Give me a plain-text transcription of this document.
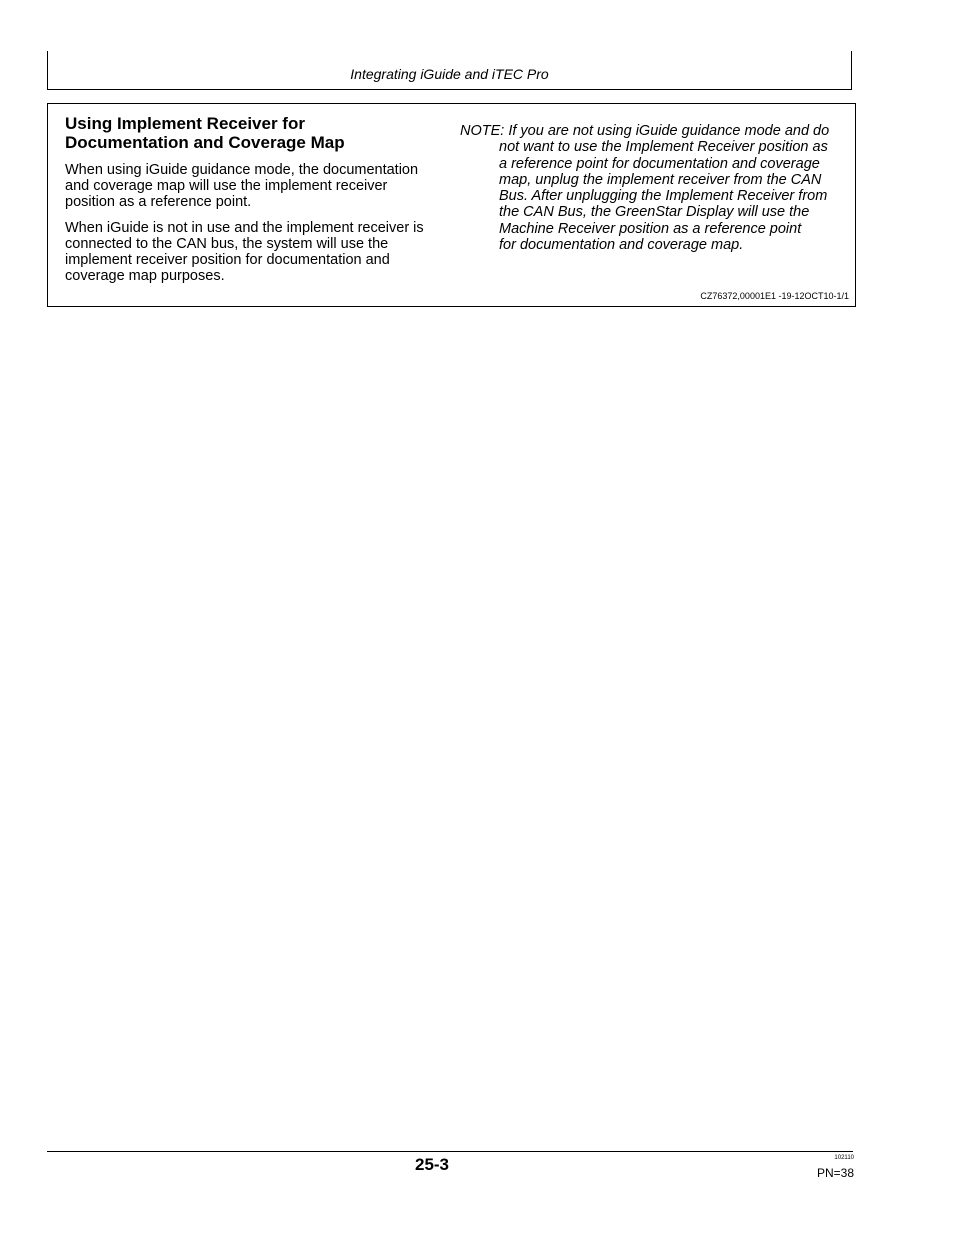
Integrating iGuide and iTEC Pro
Using Implement Receiver for
Documentation and Coverage Map

When using iGuide guidance mode, the documentation and coverage map will use the implement receiver position as a reference point.

When iGuide is not in use and the implement receiver is connected to the CAN bus, the system will use the implement receiver position for documentation and coverage map purposes.

NOTE: If you are not using iGuide guidance mode and do
not want to use the Implement Receiver position as
a reference point for documentation and coverage
map, unplug the implement receiver from the CAN
Bus. After unplugging the Implement Receiver from
the CAN Bus, the GreenStar Display will use the
Machine Receiver position as a reference point
for documentation and coverage map.
CZ76372,00001E1 -19-12OCT10-1/1
25-3	102110
PN=38
